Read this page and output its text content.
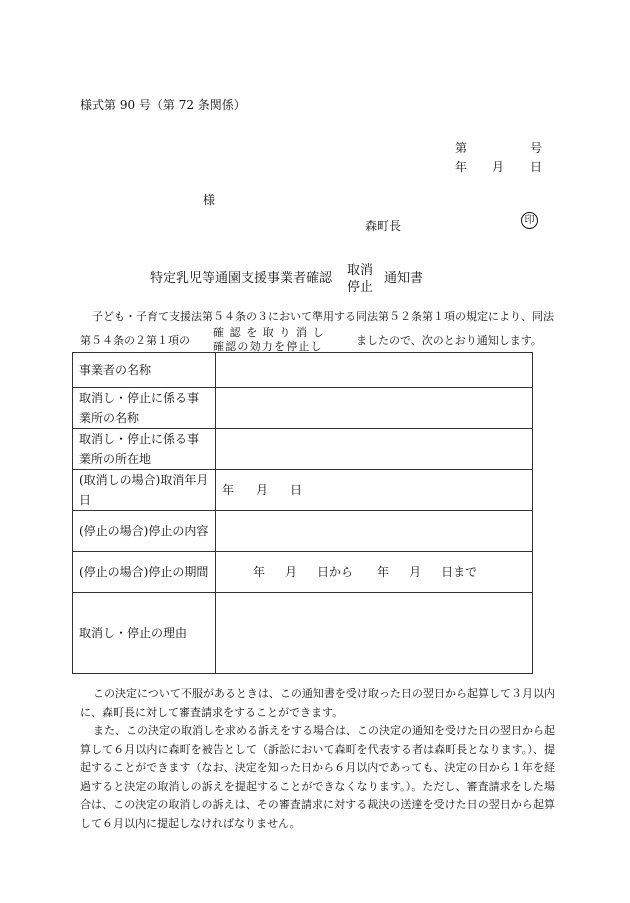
様式第 90 号（第 72 条関係）
第	号
年 月 日
様
森町長	印
特定乳児等通園支援事業者確認
取消
停止
通知書
子ども・子育て支援法第５４条の３において準用する同法第５２条第１項の規定により、同法
第５４条の２第１項の
確認を取り消し
確認の効力を停止し	ましたので、次のとおり通知します。
事業者の名称	
取消し・停止に係る事業所の名称	
取消し・停止に係る事業所の所在地	
(取消しの場合)取消年月日	年 月 日
(停止の場合)停止の内容	
(停止の場合)停止の期間	年 月 日から 年 月 日まで
取消し・停止の理由	
この決定について不服があるときは、この通知書を受け取った日の翌日から起算して３月以内に、森町長に対して審査請求をすることができます。
また、この決定の取消しを求める訴えをする場合は、この決定の通知を受けた日の翌日から起算して６月以内に森町を被告として（訴訟において森町を代表する者は森町長となります。）、提起することができます（なお、決定を知った日から６月以内であっても、決定の日から１年を経過すると決定の取消しの訴えを提起することができなくなります。）。ただし、審査請求をした場合は、この決定の取消しの訴えは、その審査請求に対する裁決の送達を受けた日の翌日から起算して６月以内に提起しなければなりません。
